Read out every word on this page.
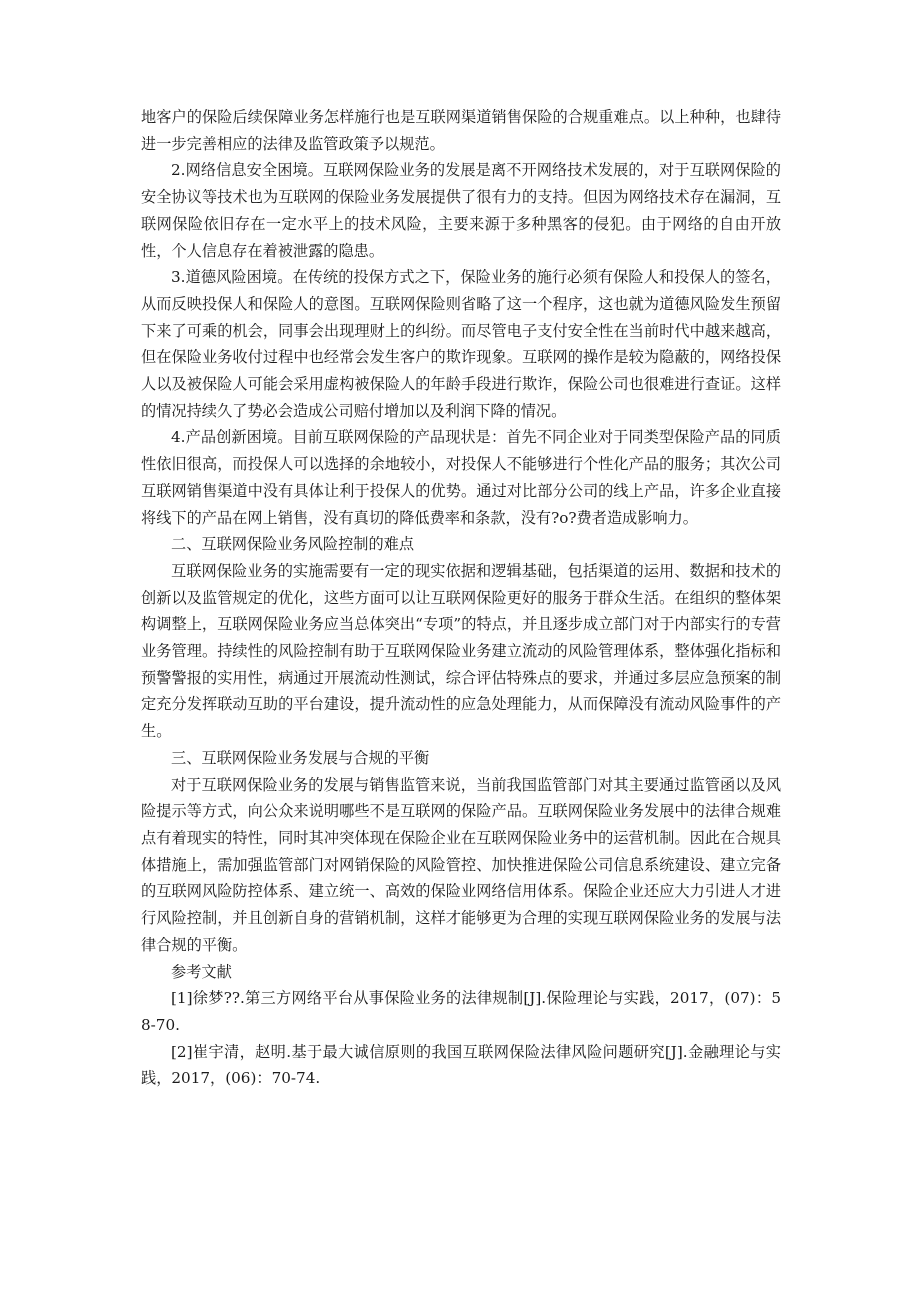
地客户的保险后续保障业务怎样施行也是互联网渠道销售保险的合规重难点。以上种种，也肆待进一步完善相应的法律及监管政策予以规范。

2.网络信息安全困境。互联网保险业务的发展是离不开网络技术发展的，对于互联网保险的安全协议等技术也为互联网的保险业务发展提供了很有力的支持。但因为网络技术存在漏洞，互联网保险依旧存在一定水平上的技术风险，主要来源于多种黑客的侵犯。由于网络的自由开放性，个人信息存在着被泄露的隐患。

3.道德风险困境。在传统的投保方式之下，保险业务的施行必须有保险人和投保人的签名，从而反映投保人和保险人的意图。互联网保险则省略了这一个程序，这也就为道德风险发生预留下来了可乘的机会，同事会出现理财上的纠纷。而尽管电子支付安全性在当前时代中越来越高，但在保险业务收付过程中也经常会发生客户的欺诈现象。互联网的操作是较为隐蔽的，网络投保人以及被保险人可能会采用虚构被保险人的年龄手段进行欺诈，保险公司也很难进行查证。这样的情况持续久了势必会造成公司赔付增加以及利润下降的情况。

4.产品创新困境。目前互联网保险的产品现状是：首先不同企业对于同类型保险产品的同质性依旧很高，而投保人可以选择的余地较小，对投保人不能够进行个性化产品的服务；其次公司互联网销售渠道中没有具体让利于投保人的优势。通过对比部分公司的线上产品，许多企业直接将线下的产品在网上销售，没有真切的降低费率和条款，没有?o?费者造成影响力。

二、互联网保险业务风险控制的难点

互联网保险业务的实施需要有一定的现实依据和逻辑基础，包括渠道的运用、数据和技术的创新以及监管规定的优化，这些方面可以让互联网保险更好的服务于群众生活。在组织的整体架构调整上，互联网保险业务应当总体突出“专项”的特点，并且逐步成立部门对于内部实行的专营业务管理。持续性的风险控制有助于互联网保险业务建立流动的风险管理体系，整体强化指标和预警警报的实用性，病通过开展流动性测试，综合评估特殊点的要求，并通过多层应急预案的制定充分发挥联动互助的平台建设，提升流动性的应急处理能力，从而保障没有流动风险事件的产生。

三、互联网保险业务发展与合规的平衡

对于互联网保险业务的发展与销售监管来说，当前我国监管部门对其主要通过监管函以及风险提示等方式，向公众来说明哪些不是互联网的保险产品。互联网保险业务发展中的法律合规难点有着现实的特性，同时其冲突体现在保险企业在互联网保险业务中的运营机制。因此在合规具体措施上，需加强监管部门对网销保险的风险管控、加快推进保险公司信息系统建设、建立完备的互联网风险防控体系、建立统一、高效的保险业网络信用体系。保险企业还应大力引进人才进行风险控制，并且创新自身的营销机制，这样才能够更为合理的实现互联网保险业务的发展与法律合规的平衡。

参考文献

[1]徐梦??.第三方网络平台从事保险业务的法律规制[J].保险理论与实践，2017，(07)：58-70.

[2]崔宇清，赵明.基于最大诚信原则的我国互联网保险法律风险问题研究[J].金融理论与实践，2017，(06)：70-74.
